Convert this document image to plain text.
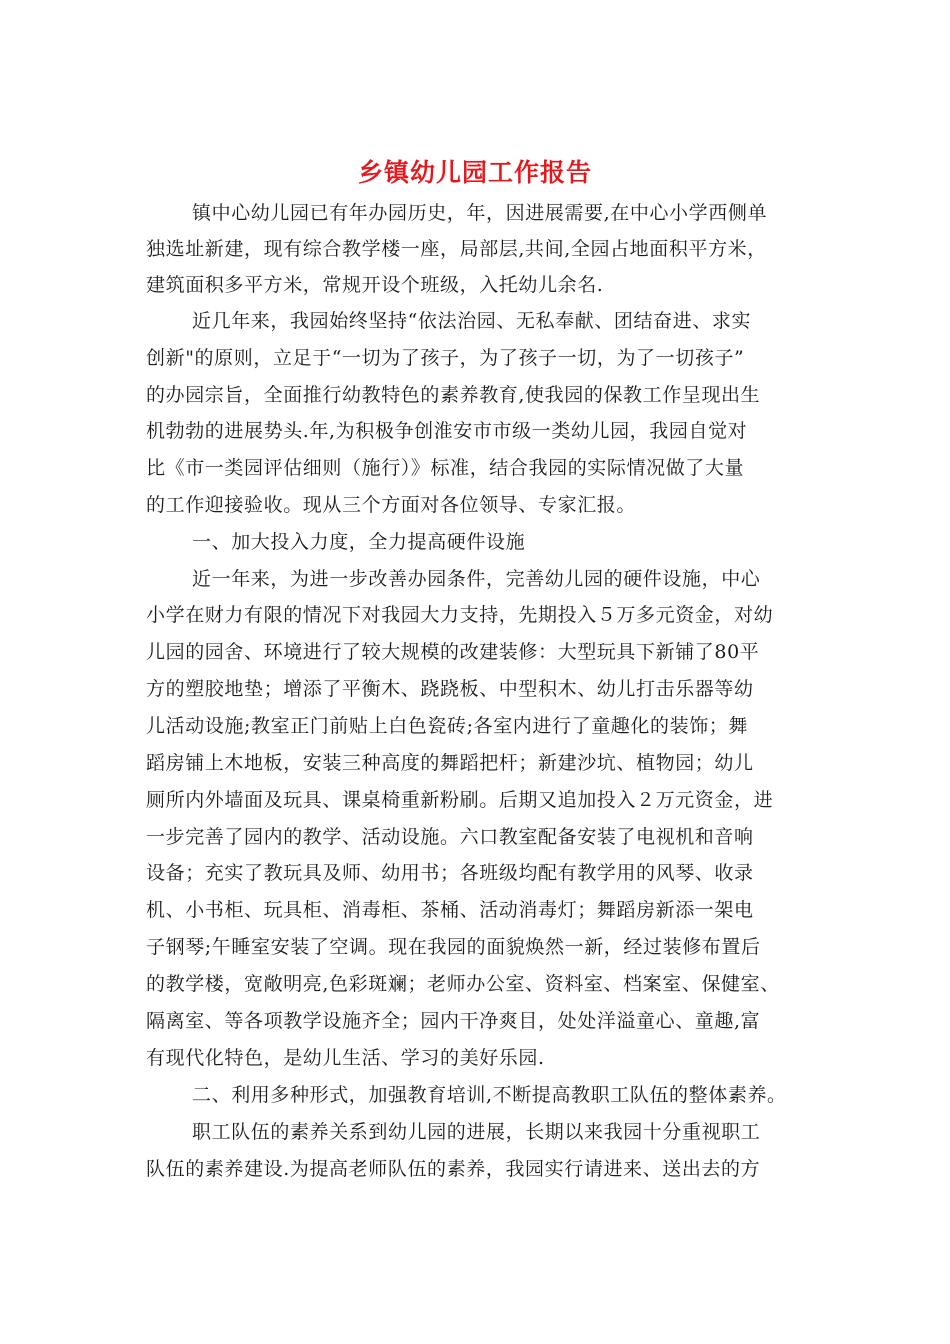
乡镇幼儿园工作报告
镇中心幼儿园已有年办园历史，年，因进展需要,在中心小学西侧单
独选址新建，现有综合教学楼一座，局部层,共间,全园占地面积平方米，
建筑面积多平方米，常规开设个班级，入托幼儿余名.
近几年来，我园始终坚持“依法治园、无私奉献、团结奋进、求实
创新"的原则，立足于“一切为了孩子，为了孩子一切，为了一切孩子”
的办园宗旨，全面推行幼教特色的素养教育,使我园的保教工作呈现出生
机勃勃的进展势头.年,为积极争创淮安市市级一类幼儿园，我园自觉对
比《市一类园评估细则（施行）》标准，结合我园的实际情况做了大量
的工作迎接验收。现从三个方面对各位领导、专家汇报。
一、加大投入力度，全力提高硬件设施
近一年来，为进一步改善办园条件，完善幼儿园的硬件设施，中心
小学在财力有限的情况下对我园大力支持，先期投入５万多元资金，对幼
儿园的园舍、环境进行了较大规模的改建装修：大型玩具下新铺了80平
方的塑胶地垫；增添了平衡木、跷跷板、中型积木、幼儿打击乐器等幼
儿活动设施;教室正门前贴上白色瓷砖;各室内进行了童趣化的装饰；舞
蹈房铺上木地板，安装三种高度的舞蹈把杆；新建沙坑、植物园；幼儿
厕所内外墙面及玩具、课桌椅重新粉刷。后期又追加投入２万元资金，进
一步完善了园内的教学、活动设施。六口教室配备安装了电视机和音响
设备；充实了教玩具及师、幼用书；各班级均配有教学用的风琴、收录
机、小书柜、玩具柜、消毒柜、茶桶、活动消毒灯；舞蹈房新添一架电
子钢琴;午睡室安装了空调。现在我园的面貌焕然一新，经过装修布置后
的教学楼，宽敞明亮,色彩斑斓；老师办公室、资料室、档案室、保健室、
隔离室、等各项教学设施齐全；园内干净爽目，处处洋溢童心、童趣,富
有现代化特色，是幼儿生活、学习的美好乐园.
二、利用多种形式，加强教育培训,不断提高教职工队伍的整体素养。
职工队伍的素养关系到幼儿园的进展，长期以来我园十分重视职工
队伍的素养建设.为提高老师队伍的素养，我园实行请进来、送出去的方
